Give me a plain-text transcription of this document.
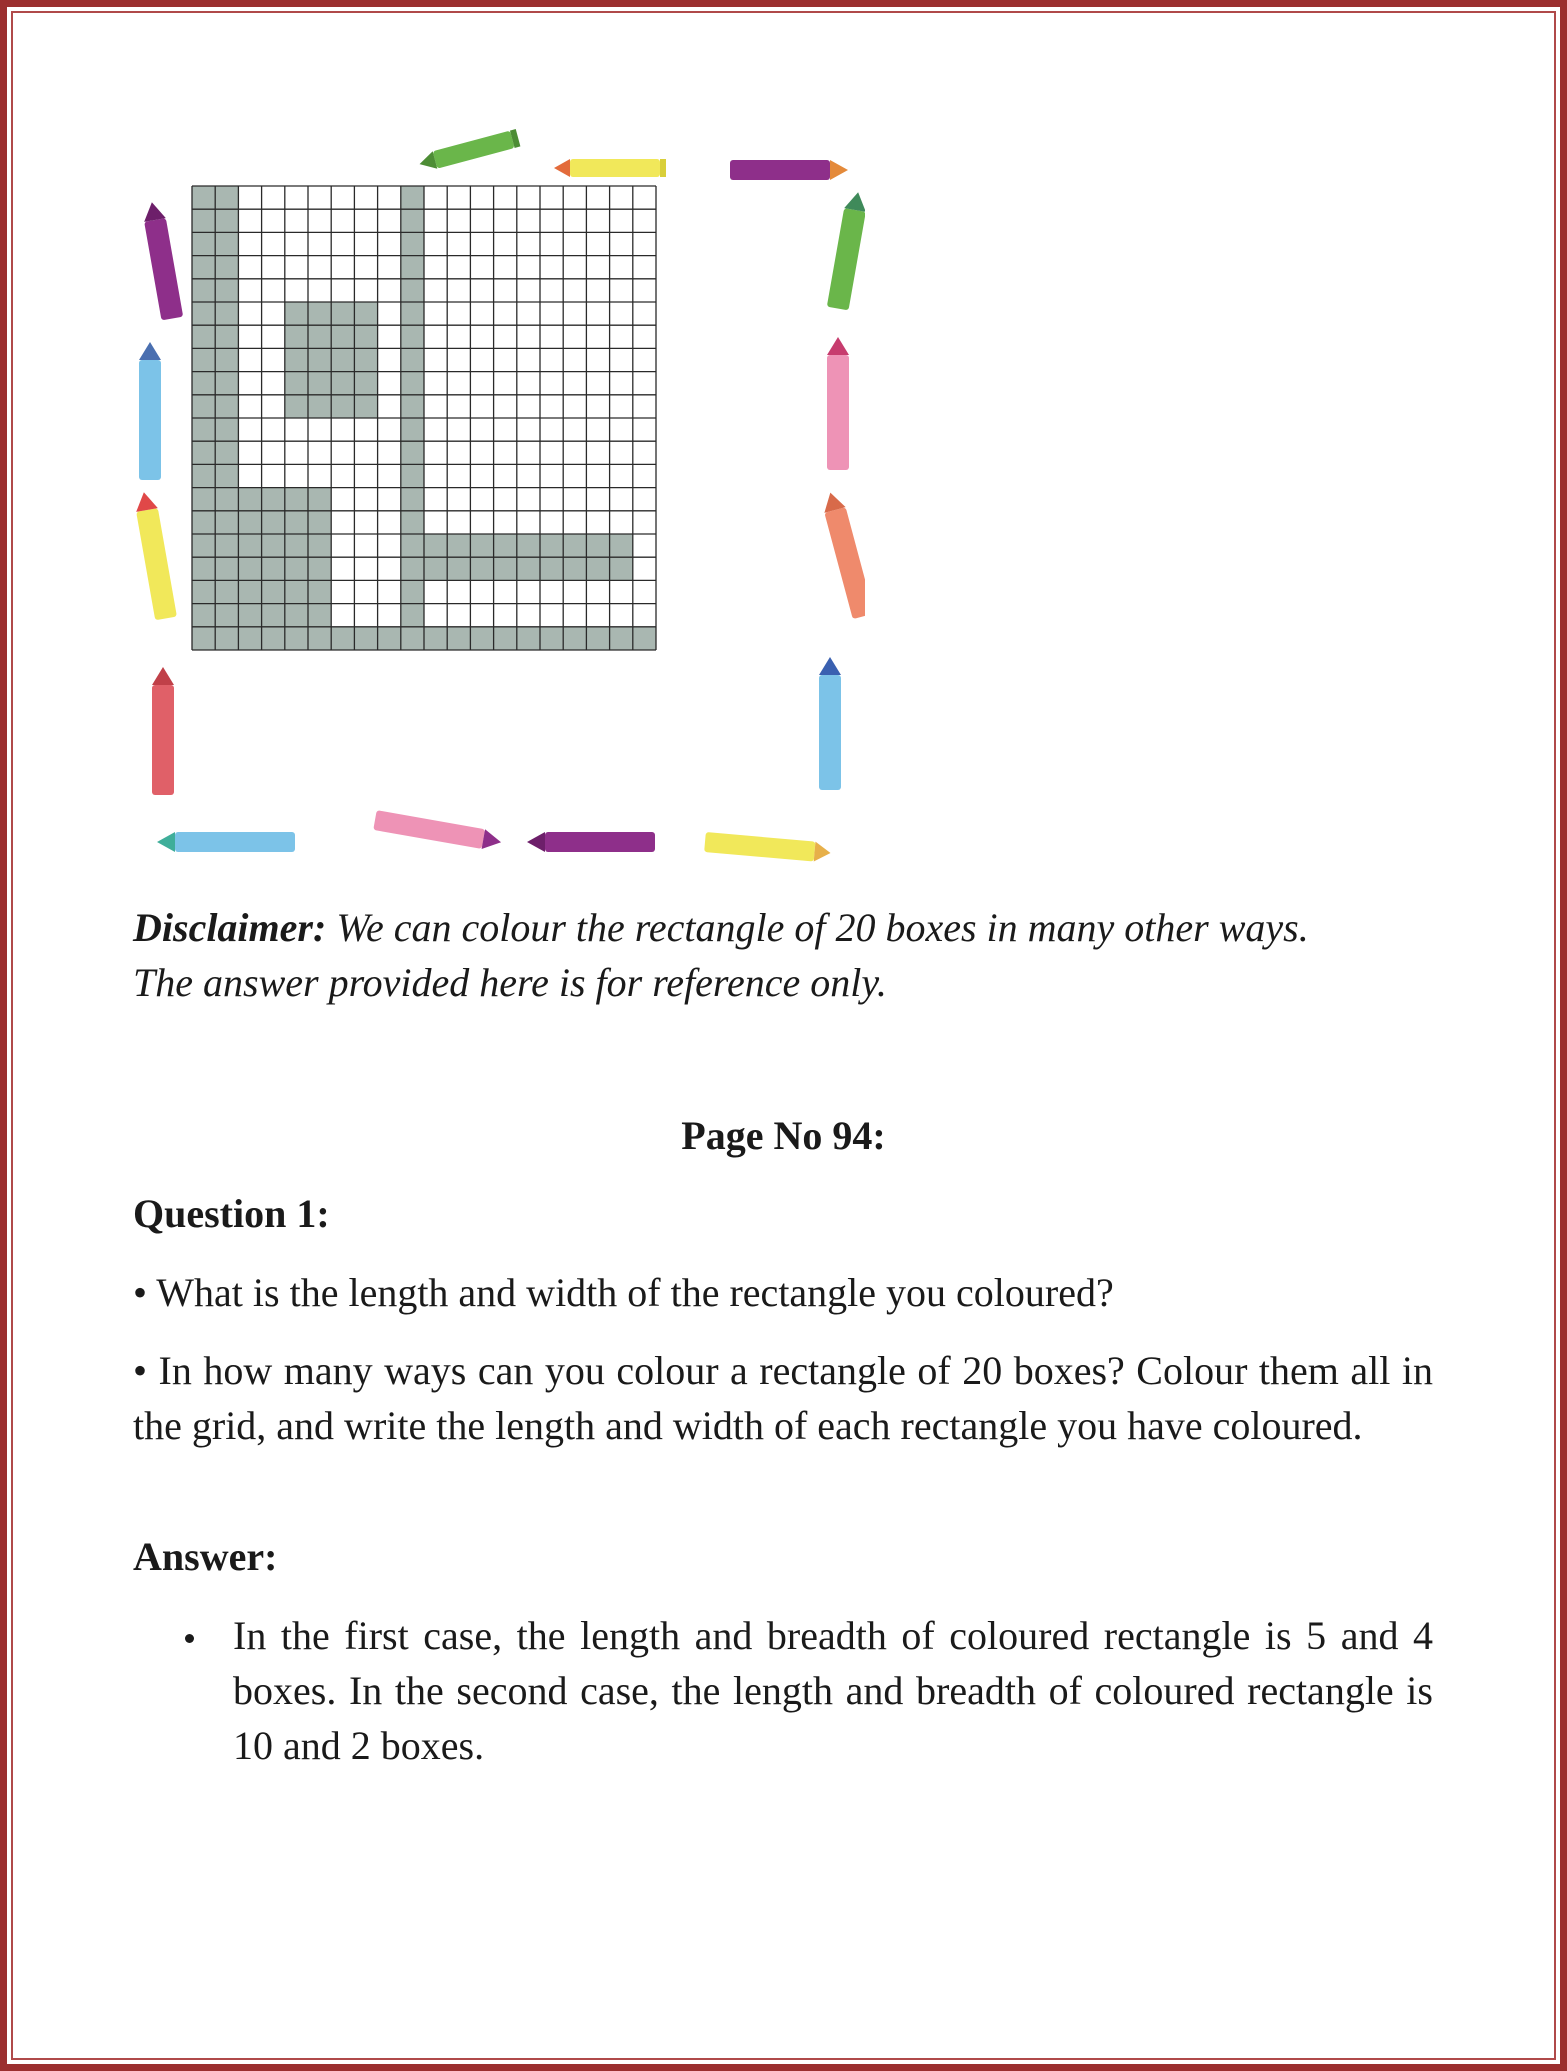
Disclaimer: We can colour the rectangle of 20 boxes in many other ways.
The answer provided here is for reference only.
Page No 94:
Question 1:
• What is the length and width of the rectangle you coloured?
• In how many ways can you colour a rectangle of 20 boxes? Colour them all in the grid, and write the length and width of each rectangle you have coloured.
Answer:
In the first case, the length and breadth of coloured rectangle is 5 and 4 boxes. In the second case, the length and breadth of coloured rectangle is 10 and 2 boxes.
